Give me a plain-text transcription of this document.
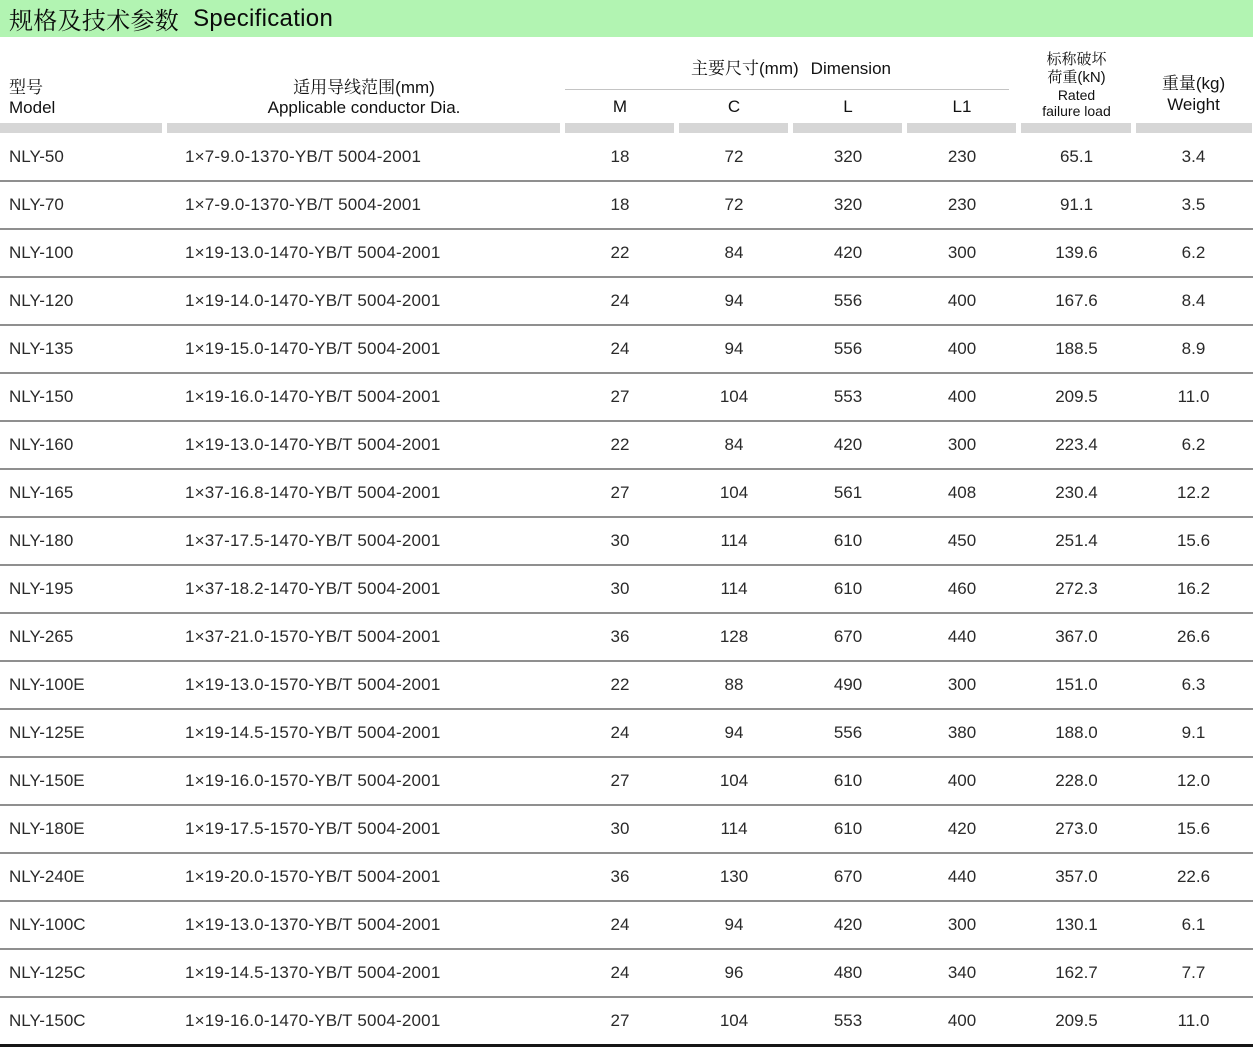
规格及技术参数 Specification
型号
Model
适用导线范围(mm)
Applicable conductor Dia.
主要尺寸(mm) Dimension
M	C	L	L1
标称破坏
荷重(kN)
Rated
failure load
重量(kg)
Weight
NLY-50	1×7-9.0-1370-YB/T 5004-2001	18	72	320	230	65.1	3.4
NLY-70	1×7-9.0-1370-YB/T 5004-2001	18	72	320	230	91.1	3.5
NLY-100	1×19-13.0-1470-YB/T 5004-2001	22	84	420	300	139.6	6.2
NLY-120	1×19-14.0-1470-YB/T 5004-2001	24	94	556	400	167.6	8.4
NLY-135	1×19-15.0-1470-YB/T 5004-2001	24	94	556	400	188.5	8.9
NLY-150	1×19-16.0-1470-YB/T 5004-2001	27	104	553	400	209.5	11.0
NLY-160	1×19-13.0-1470-YB/T 5004-2001	22	84	420	300	223.4	6.2
NLY-165	1×37-16.8-1470-YB/T 5004-2001	27	104	561	408	230.4	12.2
NLY-180	1×37-17.5-1470-YB/T 5004-2001	30	114	610	450	251.4	15.6
NLY-195	1×37-18.2-1470-YB/T 5004-2001	30	114	610	460	272.3	16.2
NLY-265	1×37-21.0-1570-YB/T 5004-2001	36	128	670	440	367.0	26.6
NLY-100E	1×19-13.0-1570-YB/T 5004-2001	22	88	490	300	151.0	6.3
NLY-125E	1×19-14.5-1570-YB/T 5004-2001	24	94	556	380	188.0	9.1
NLY-150E	1×19-16.0-1570-YB/T 5004-2001	27	104	610	400	228.0	12.0
NLY-180E	1×19-17.5-1570-YB/T 5004-2001	30	114	610	420	273.0	15.6
NLY-240E	1×19-20.0-1570-YB/T 5004-2001	36	130	670	440	357.0	22.6
NLY-100C	1×19-13.0-1370-YB/T 5004-2001	24	94	420	300	130.1	6.1
NLY-125C	1×19-14.5-1370-YB/T 5004-2001	24	96	480	340	162.7	7.7
NLY-150C	1×19-16.0-1470-YB/T 5004-2001	27	104	553	400	209.5	11.0
